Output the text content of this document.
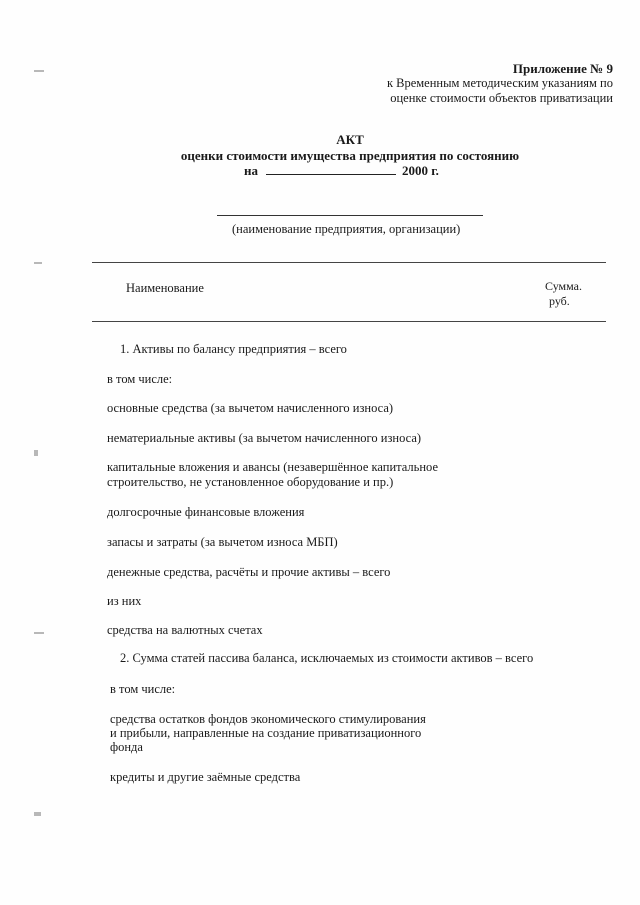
Приложение № 9
к Временным методическим указаниям по
оценке стоимости объектов приватизации
АКТ
оценки стоимости имущества предприятия по состоянию
на	2000 г.
(наименование предприятия, организации)
Наименование	Сумма.
руб.
1. Активы по балансу предприятия – всего
в том числе:
основные средства (за вычетом начисленного износа)
нематериальные активы (за вычетом начисленного износа)
капитальные вложения и авансы (незавершённое капитальное
строительство, не установленное оборудование и пр.)
долгосрочные финансовые вложения
запасы и затраты (за вычетом износа МБП)
денежные средства, расчёты и прочие активы – всего
из них
средства на валютных счетах
2. Сумма статей пассива баланса, исключаемых из стоимости активов – всего
в том числе:
средства остатков фондов экономического стимулирования
и прибыли, направленные на создание приватизационного
фонда
кредиты и другие заёмные средства
